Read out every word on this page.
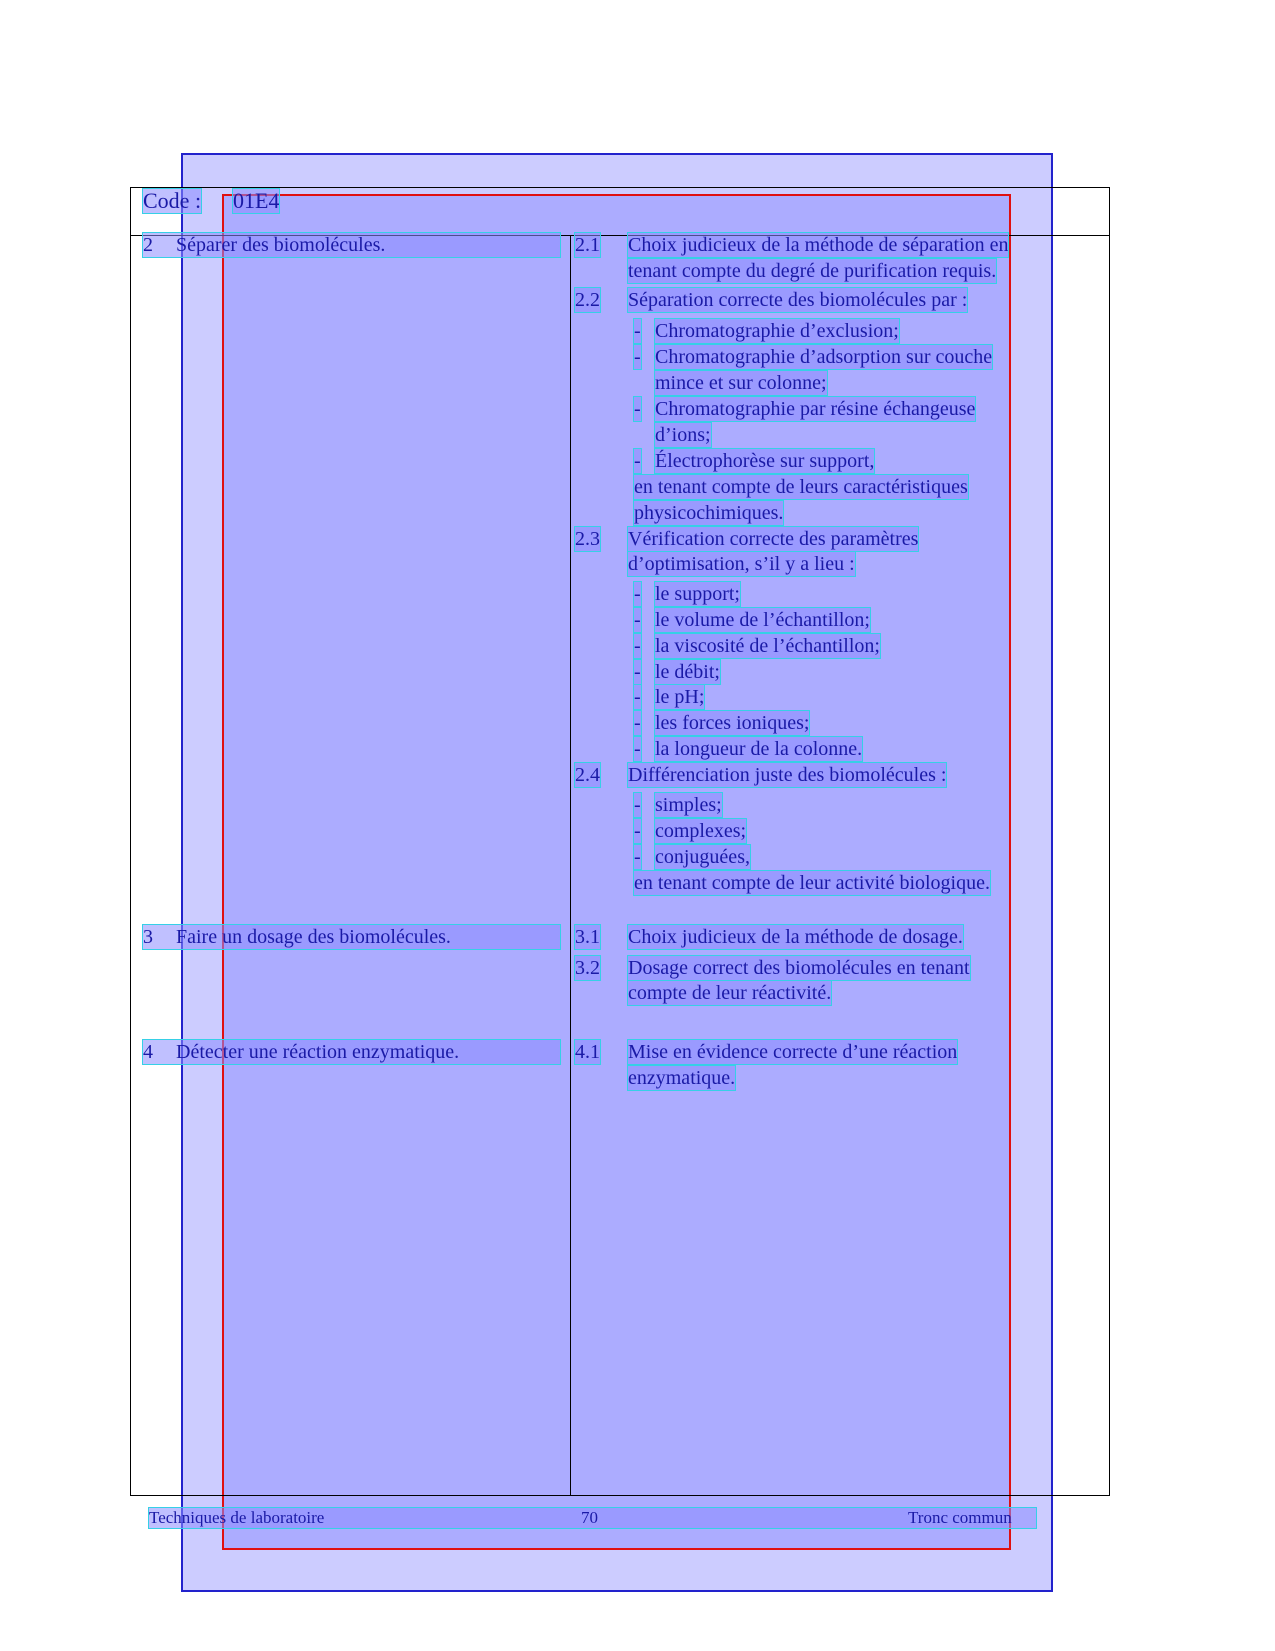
Code : 01E4
2 Séparer des biomolécules.	2.1 Choix judicieux de la méthode de séparation en
tenant compte du degré de purification requis.
2.2 Séparation correcte des biomolécules par :
- Chromatographie d’exclusion;
- Chromatographie d’adsorption sur couche
mince et sur colonne;
- Chromatographie par résine échangeuse
d’ions;
- Électrophorèse sur support,
en tenant compte de leurs caractéristiques
physicochimiques.
2.3 Vérification correcte des paramètres
d’optimisation, s’il y a lieu :
- le support;
- le volume de l’échantillon;
- la viscosité de l’échantillon;
- le débit;
- le pH;
- les forces ioniques;
- la longueur de la colonne.
2.4 Différenciation juste des biomolécules :
- simples;
- complexes;
- conjuguées,
en tenant compte de leur activité biologique.
3 Faire un dosage des biomolécules.	3.1 Choix judicieux de la méthode de dosage.
3.2 Dosage correct des biomolécules en tenant
compte de leur réactivité.
4 Détecter une réaction enzymatique.	4.1 Mise en évidence correcte d’une réaction
enzymatique.
Techniques de laboratoire	70	Tronc commun
